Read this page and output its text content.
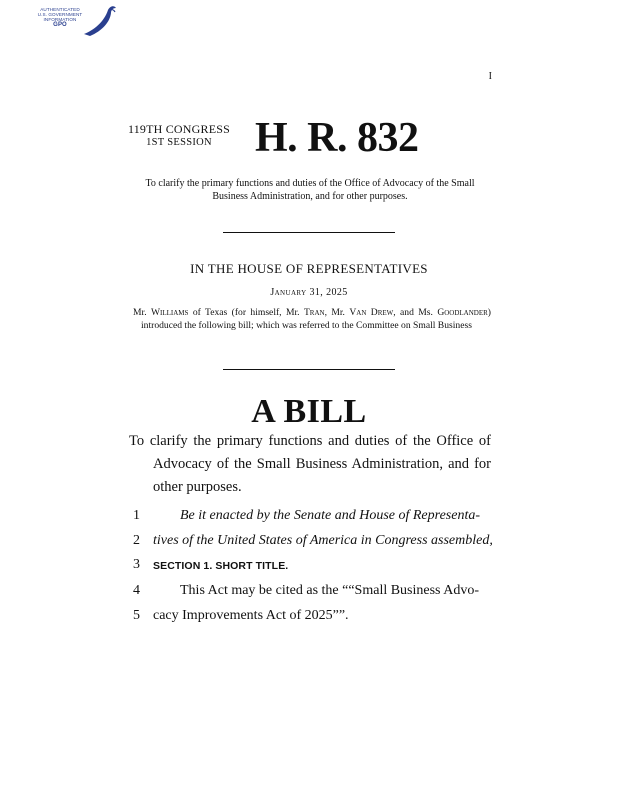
AUTHENTICATED
U.S. GOVERNMENT
INFORMATION
GPO
I
119TH CONGRESS
1ST SESSION	H. R. 832
To clarify the primary functions and duties of the Office of Advocacy of the Small Business Administration, and for other purposes.
IN THE HOUSE OF REPRESENTATIVES
January 31, 2025

Mr. Williams of Texas (for himself, Mr. Tran, Mr. Van Drew, and Ms. Goodlander) introduced the following bill; which was referred to the Committee on Small Business

A BILL

To clarify the primary functions and duties of the Office of Advocacy of the Small Business Administration, and for other purposes.

1	Be it enacted by the Senate and House of Representa-
2 tives of the United States of America in Congress assembled,
3 SECTION 1. SHORT TITLE.
4	This Act may be cited as the ““Small Business Advo-
5 cacy Improvements Act of 2025””.
